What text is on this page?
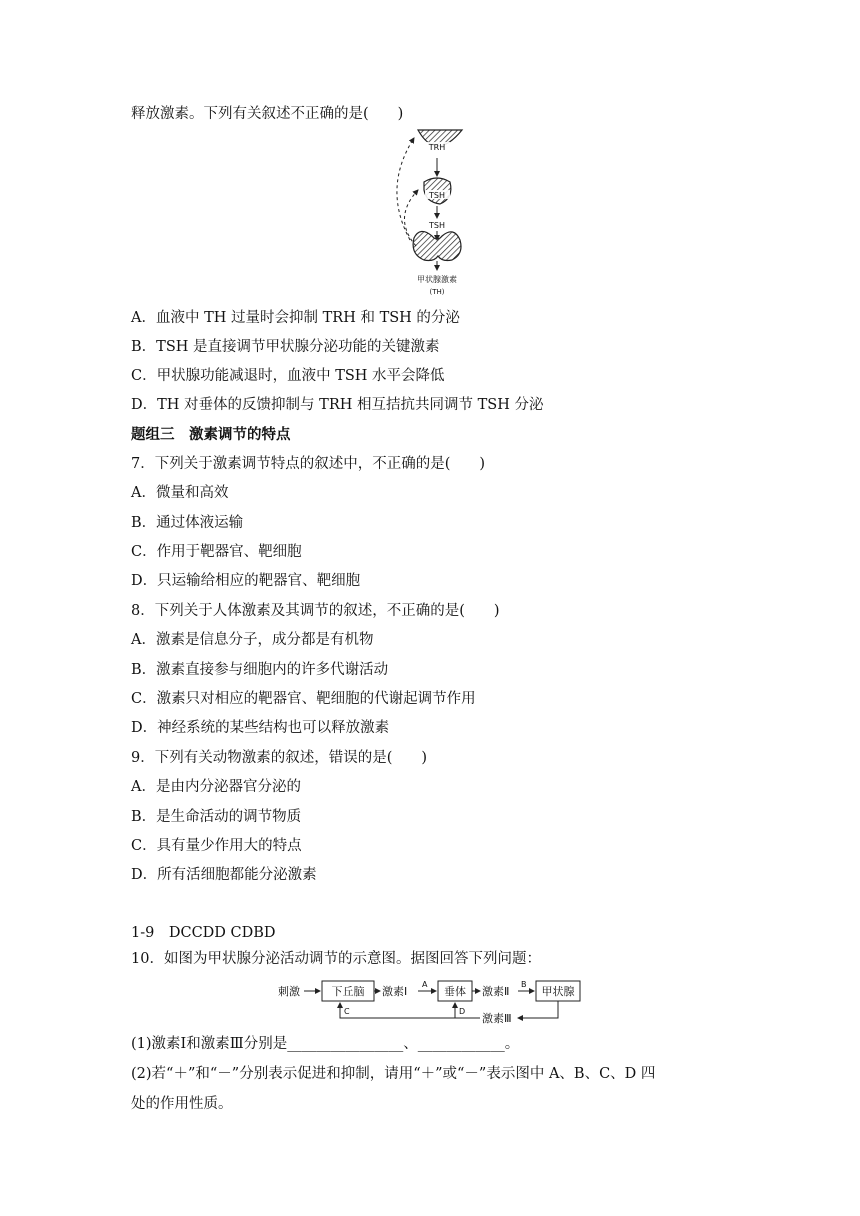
释放激素。下列有关叙述不正确的是(　　)
TRH
TSH
TSH
甲状腺激素
(TH)
A．血液中 TH 过量时会抑制 TRH 和 TSH 的分泌
B．TSH 是直接调节甲状腺分泌功能的关键激素
C．甲状腺功能减退时，血液中 TSH 水平会降低
D．TH 对垂体的反馈抑制与 TRH 相互拮抗共同调节 TSH 分泌
题组三　激素调节的特点
7．下列关于激素调节特点的叙述中，不正确的是(　　)
A．微量和高效
B．通过体液运输
C．作用于靶器官、靶细胞
D．只运输给相应的靶器官、靶细胞
8．下列关于人体激素及其调节的叙述，不正确的是(　　)
A．激素是信息分子，成分都是有机物
B．激素直接参与细胞内的许多代谢活动
C．激素只对相应的靶器官、靶细胞的代谢起调节作用
D．神经系统的某些结构也可以释放激素
9．下列有关动物激素的叙述，错误的是(　　)
A．是由内分泌器官分泌的
B．是生命活动的调节物质
C．具有量少作用大的特点
D．所有活细胞都能分泌激素
1-9　DCCDD CDBD
10．如图为甲状腺分泌活动调节的示意图。据图回答下列问题：
刺激	下丘脑 激素Ⅰ
A
垂体 激素Ⅱ
B
甲状腺
激素Ⅲ
D
C
(1)激素Ⅰ和激素Ⅲ分别是________________、____________。
(2)若“＋”和“－”分别表示促进和抑制，请用“＋”或“－”表示图中 A、B、C、D 四
处的作用性质。
